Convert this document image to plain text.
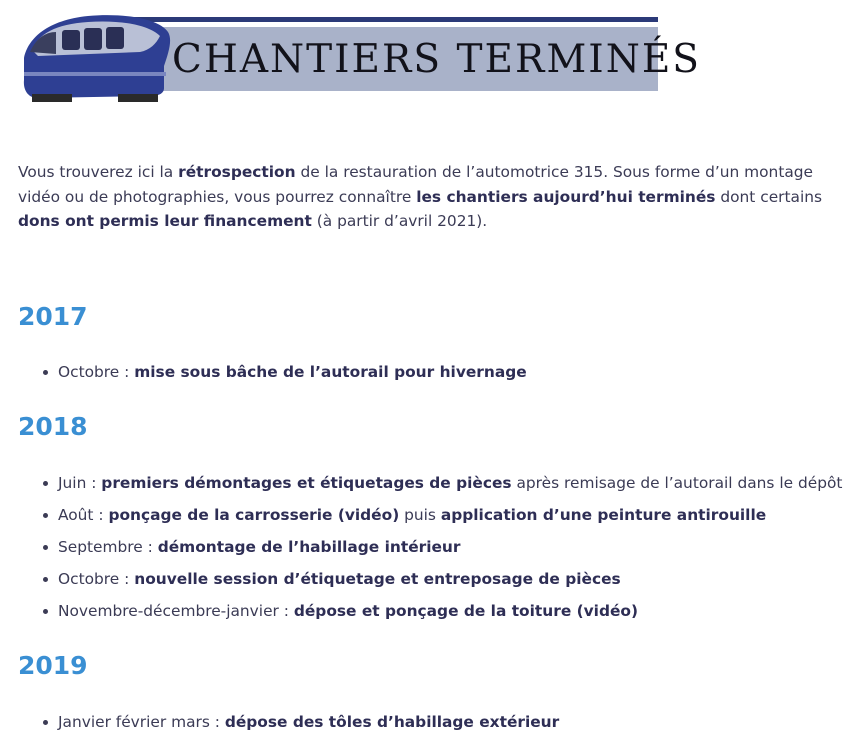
CHANTIERS TERMINÉS

Vous trouverez ici la rétrospection de la restauration de l’automotrice 315. Sous forme d’un montage vidéo ou de photographies, vous pourrez connaître les chantiers aujourd’hui terminés dont certains dons ont permis leur financement (à partir d’avril 2021).

2017
Octobre : mise sous bâche de l’autorail pour hivernage
2018
Juin : premiers démontages et étiquetages de pièces après remisage de l’autorail dans le dépôt
Août : ponçage de la carrosserie (vidéo) puis application d’une peinture antirouille
Septembre : démontage de l’habillage intérieur
Octobre : nouvelle session d’étiquetage et entreposage de pièces
Novembre-décembre-janvier : dépose et ponçage de la toiture (vidéo)
2019
Janvier février mars : dépose des tôles d’habillage extérieur
